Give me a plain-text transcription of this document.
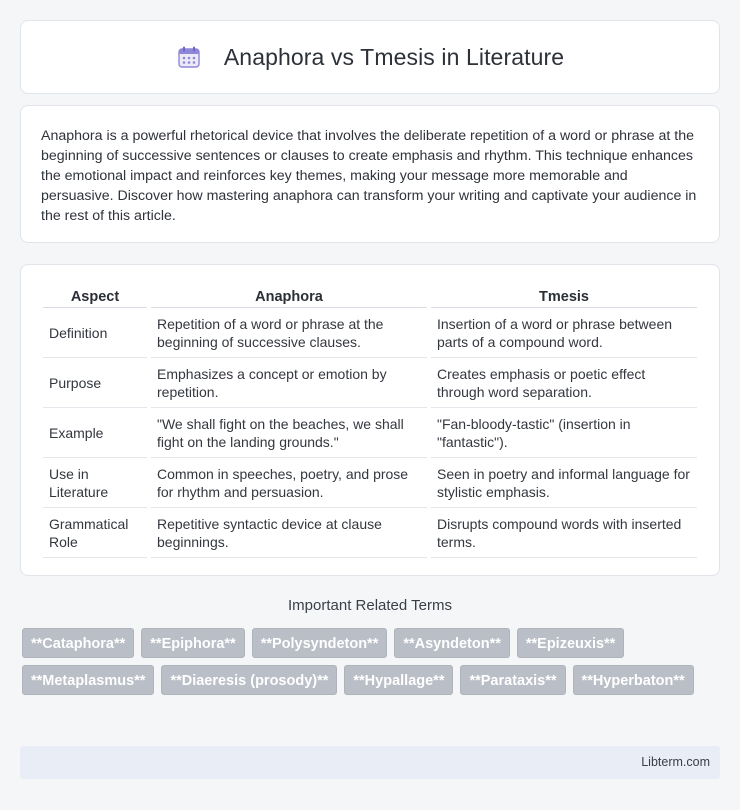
Anaphora vs Tmesis in Literature

Anaphora is a powerful rhetorical device that involves the deliberate repetition of a word or phrase at the beginning of successive sentences or clauses to create emphasis and rhythm. This technique enhances the emotional impact and reinforces key themes, making your message more memorable and persuasive. Discover how mastering anaphora can transform your writing and captivate your audience in the rest of this article.

Aspect	Anaphora	Tmesis
Definition	Repetition of a word or phrase at the beginning of successive clauses.	Insertion of a word or phrase between parts of a compound word.
Purpose	Emphasizes a concept or emotion by repetition.	Creates emphasis or poetic effect through word separation.
Example	"We shall fight on the beaches, we shall fight on the landing grounds."	"Fan-bloody-tastic" (insertion in "fantastic").
Use in Literature	Common in speeches, poetry, and prose for rhythm and persuasion.	Seen in poetry and informal language for stylistic emphasis.
Grammatical Role	Repetitive syntactic device at clause beginnings.	Disrupts compound words with inserted terms.
Important Related Terms
**Cataphora**	**Epiphora**	**Polysyndeton**	**Asyndeton**	**Epizeuxis**
**Metaplasmus**	**Diaeresis (prosody)**	**Hypallage**	**Parataxis**	**Hyperbaton**
Libterm.com
